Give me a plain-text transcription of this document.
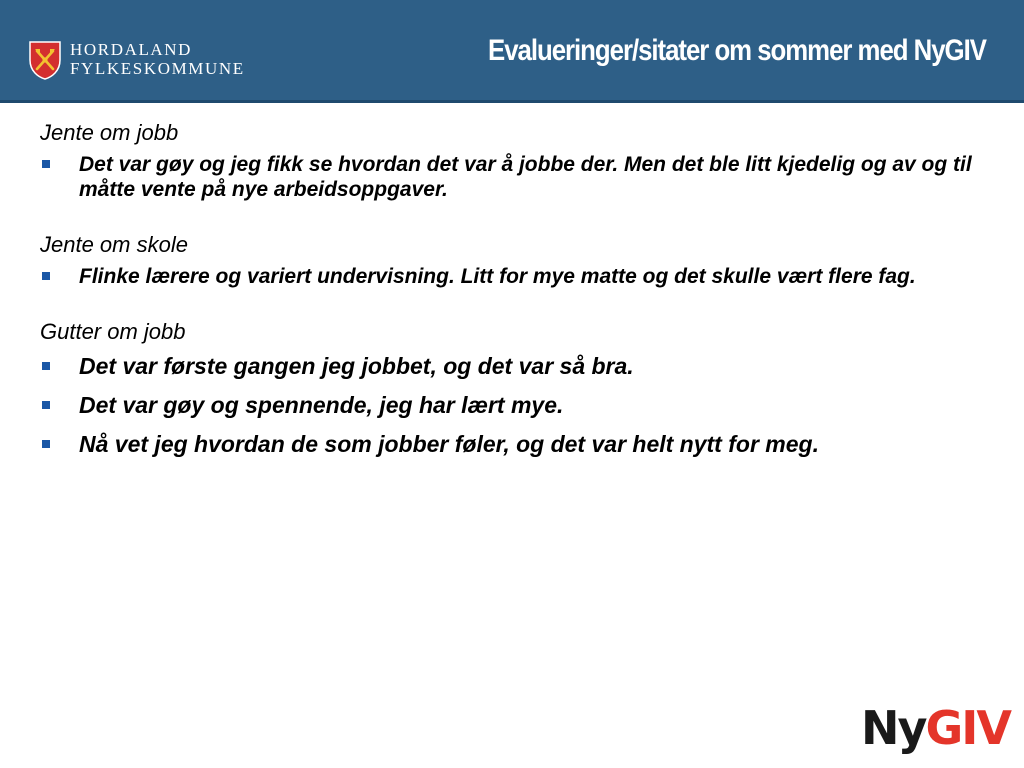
HORDALAND
FYLKESKOMMUNE
Evalueringer/sitater om sommer med NyGIV
Jente om jobb
Det var gøy og jeg fikk se hvordan det var å jobbe der. Men det ble litt kjedelig og av og til måtte vente på nye arbeidsoppgaver.
Jente om skole
Flinke lærere og variert undervisning. Litt for mye matte og det skulle vært flere fag.
Gutter om jobb
Det var første gangen jeg jobbet, og det var så bra.
Det var gøy og spennende, jeg har lært mye.
Nå vet jeg hvordan de som jobber føler, og det var helt nytt for meg.
NyGIV
